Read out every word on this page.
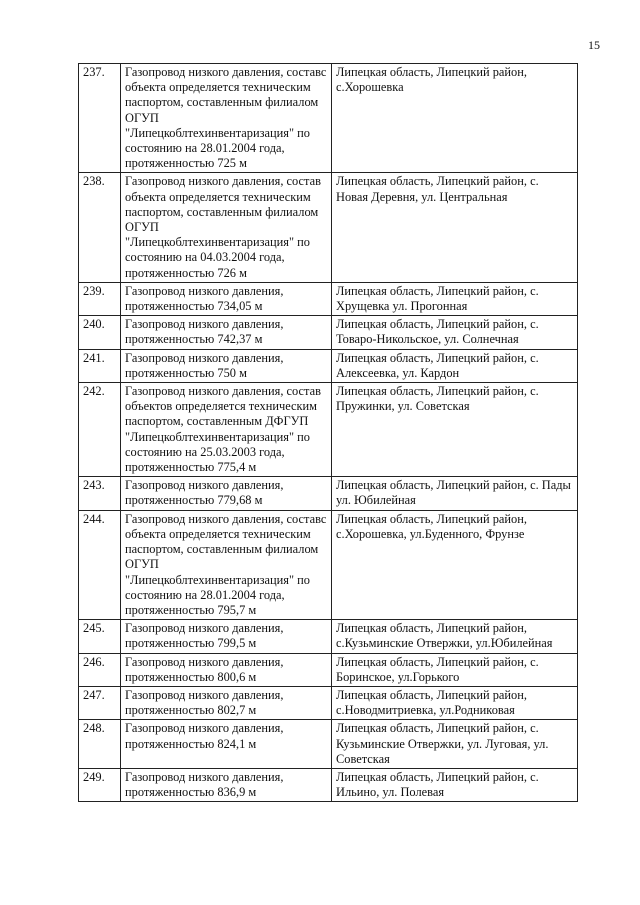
15
237.	Газопровод низкого давления, составс объекта определяется техническим паспортом, составленным филиалом ОГУП "Липецкоблтехинвентаризация" по состоянию на 28.01.2004 года, протяженностью 725 м	Липецкая область, Липецкий район, с.Хорошевка
238.	Газопровод низкого давления, состав объекта определяется техническим паспортом, составленным филиалом ОГУП "Липецкоблтехинвентаризация" по состоянию на 04.03.2004 года, протяженностью 726 м	Липецкая область, Липецкий район, с. Новая Деревня, ул. Центральная
239.	Газопровод низкого давления, протяженностью 734,05 м	Липецкая область, Липецкий район, с. Хрущевка ул. Прогонная
240.	Газопровод низкого давления, протяженностью 742,37 м	Липецкая область, Липецкий район, с. Товаро-Никольское, ул. Солнечная
241.	Газопровод низкого давления, протяженностью 750 м	Липецкая область, Липецкий район, с. Алексеевка, ул. Кардон
242.	Газопровод низкого давления, состав объектов определяется техническим паспортом, составленным ДФГУП "Липецкоблтехинвентаризация" по состоянию на 25.03.2003 года, протяженностью 775,4 м	Липецкая область, Липецкий район, с. Пружинки, ул. Советская
243.	Газопровод низкого давления, протяженностью 779,68 м	Липецкая область, Липецкий район, с. Пады ул. Юбилейная
244.	Газопровод низкого давления, составс объекта определяется техническим паспортом, составленным филиалом ОГУП "Липецкоблтехинвентаризация" по состоянию на 28.01.2004 года, протяженностью 795,7 м	Липецкая область, Липецкий район, с.Хорошевка, ул.Буденного, Фрунзе
245.	Газопровод низкого давления, протяженностью 799,5 м	Липецкая область, Липецкий район, с.Кузьминские Отвержки, ул.Юбилейная
246.	Газопровод низкого давления, протяженностью 800,6 м	Липецкая область, Липецкий район, с. Боринское, ул.Горького
247.	Газопровод низкого давления, протяженностью 802,7 м	Липецкая область, Липецкий район, с.Новодмитриевка, ул.Родниковая
248.	Газопровод низкого давления, протяженностью 824,1 м	Липецкая область, Липецкий район, с. Кузьминские Отвержки, ул. Луговая, ул. Советская
249.	Газопровод низкого давления, протяженностью 836,9 м	Липецкая область, Липецкий район, с. Ильино, ул. Полевая
